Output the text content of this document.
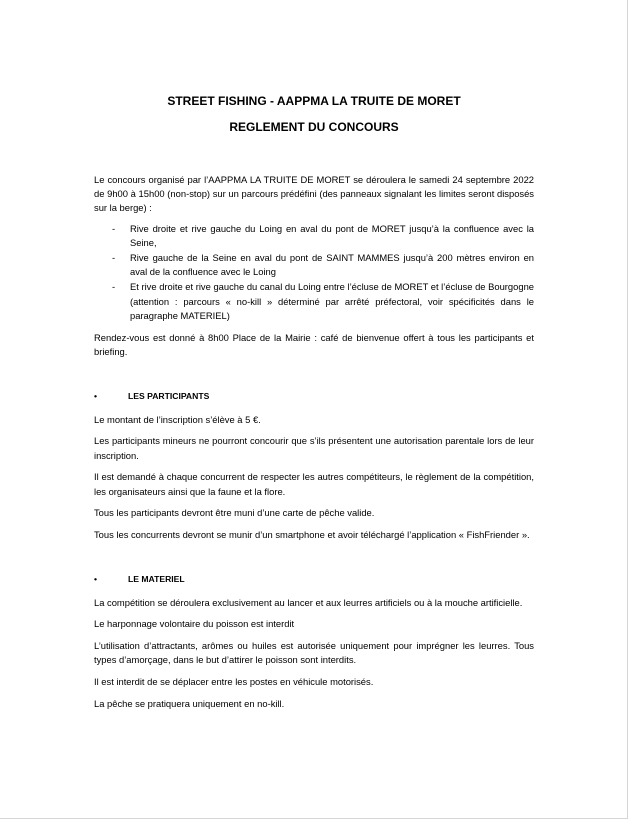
STREET FISHING - AAPPMA LA TRUITE DE MORET
REGLEMENT DU CONCOURS

Le concours organisé par l’AAPPMA LA TRUITE DE MORET se déroulera le samedi 24 septembre 2022 de 9h00 à 15h00 (non-stop) sur un parcours prédéfini (des panneaux signalant les limites seront disposés sur la berge) :

- Rive droite et rive gauche du Loing en aval du pont de MORET jusqu’à la confluence avec la Seine,
- Rive gauche de la Seine en aval du pont de SAINT MAMMES jusqu’à 200 mètres environ en aval de la confluence avec le Loing
- Et rive droite et rive gauche du canal du Loing entre l’écluse de MORET et l’écluse de Bourgogne (attention : parcours « no-kill » déterminé par arrêté préfectoral, voir spécificités dans le paragraphe MATERIEL)

Rendez-vous est donné à 8h00 Place de la Mairie : café de bienvenue offert à tous les participants et briefing.

•	LES PARTICIPANTS

Le montant de l’inscription s’élève à 5 €.

Les participants mineurs ne pourront concourir que s’ils présentent une autorisation parentale lors de leur inscription.

Il est demandé à chaque concurrent de respecter les autres compétiteurs, le règlement de la compétition, les organisateurs ainsi que la faune et la flore.

Tous les participants devront être muni d’une carte de pêche valide.

Tous les concurrents devront se munir d’un smartphone et avoir téléchargé l’application « FishFriender ».

•	LE MATERIEL

La compétition se déroulera exclusivement au lancer et aux leurres artificiels ou à la mouche artificielle.

Le harponnage volontaire du poisson est interdit

L’utilisation d’attractants, arômes ou huiles est autorisée uniquement pour imprégner les leurres. Tous types d’amorçage, dans le but d’attirer le poisson sont interdits.

Il est interdit de se déplacer entre les postes en véhicule motorisés.

La pêche se pratiquera uniquement en no-kill.
